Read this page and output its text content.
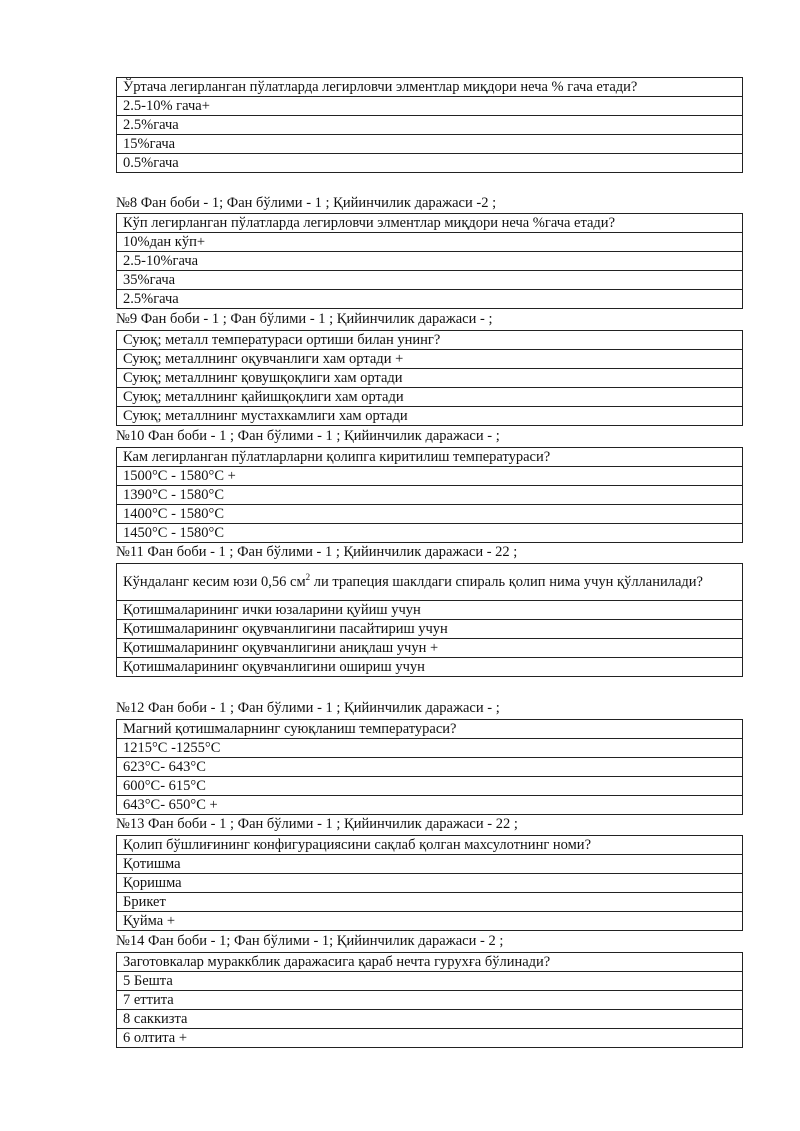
Ўртача легирланган пўлатларда легирловчи элментлар миқдори неча % гача етади?
2.5-10% гача+
2.5%гача
15%гача
0.5%гача
№8 Фан боби - 1; Фан бўлими - 1 ; Қийинчилик даражаси -2 ;
Кўп легирланган пўлатларда легирловчи элментлар миқдори неча %гача етади?
10%дан кўп+
2.5-10%гача
35%гача
2.5%гача
№9 Фан боби - 1 ; Фан бўлими - 1 ; Қийинчилик даражаси - ;
Суюқ; металл температураси ортиши билан унинг?
Суюқ; металлнинг оқувчанлиги хам ортади +
Суюқ; металлнинг қовушқоқлиги хам ортади
Суюқ; металлнинг қайишқоқлиги хам ортади
Суюқ; металлнинг мустахкамлиги хам ортади
№10 Фан боби - 1 ; Фан бўлими - 1 ; Қийинчилик даражаси - ;
Кам легирланган пўлатларларни қолипга киритилиш температураси?
1500°C - 1580°C +
1390°C - 1580°C
1400°C - 1580°C
1450°C - 1580°C
№11 Фан боби - 1 ; Фан бўлими - 1 ; Қийинчилик даражаси - 22 ;
Кўндаланг кесим юзи 0,56 $см^2$ ли трапеция шаклдаги спираль қолип нима учун қўлланилади?
Қотишмаларининг ички юзаларини қуйиш учун
Қотишмаларининг оқувчанлигини пасайтириш учун
Қотишмаларининг оқувчанлигини аниқлаш учун +
Қотишмаларининг оқувчанлигини ошириш учун
№12 Фан боби - 1 ; Фан бўлими - 1 ; Қийинчилик даражаси - ;
Магний қотишмаларнинг суюқланиш температураси?
1215°C -1255°C
623°C- 643°C
600°C- 615°C
643°C- 650°C +
№13 Фан боби - 1 ; Фан бўлими - 1 ; Қийинчилик даражаси - 22 ;
Қолип бўшлиғининг конфигурациясини сақлаб қолган махсулотнинг номи?
Қотишма
Қоришма
Брикет
Қуйма +
№14 Фан боби - 1; Фан бўлими - 1; Қийинчилик даражаси - 2 ;
Заготовкалар мураккблик даражасига қараб нечта гурухға бўлинади?
5 Бешта
7 еттита
8 саккизта
6 олтита +
